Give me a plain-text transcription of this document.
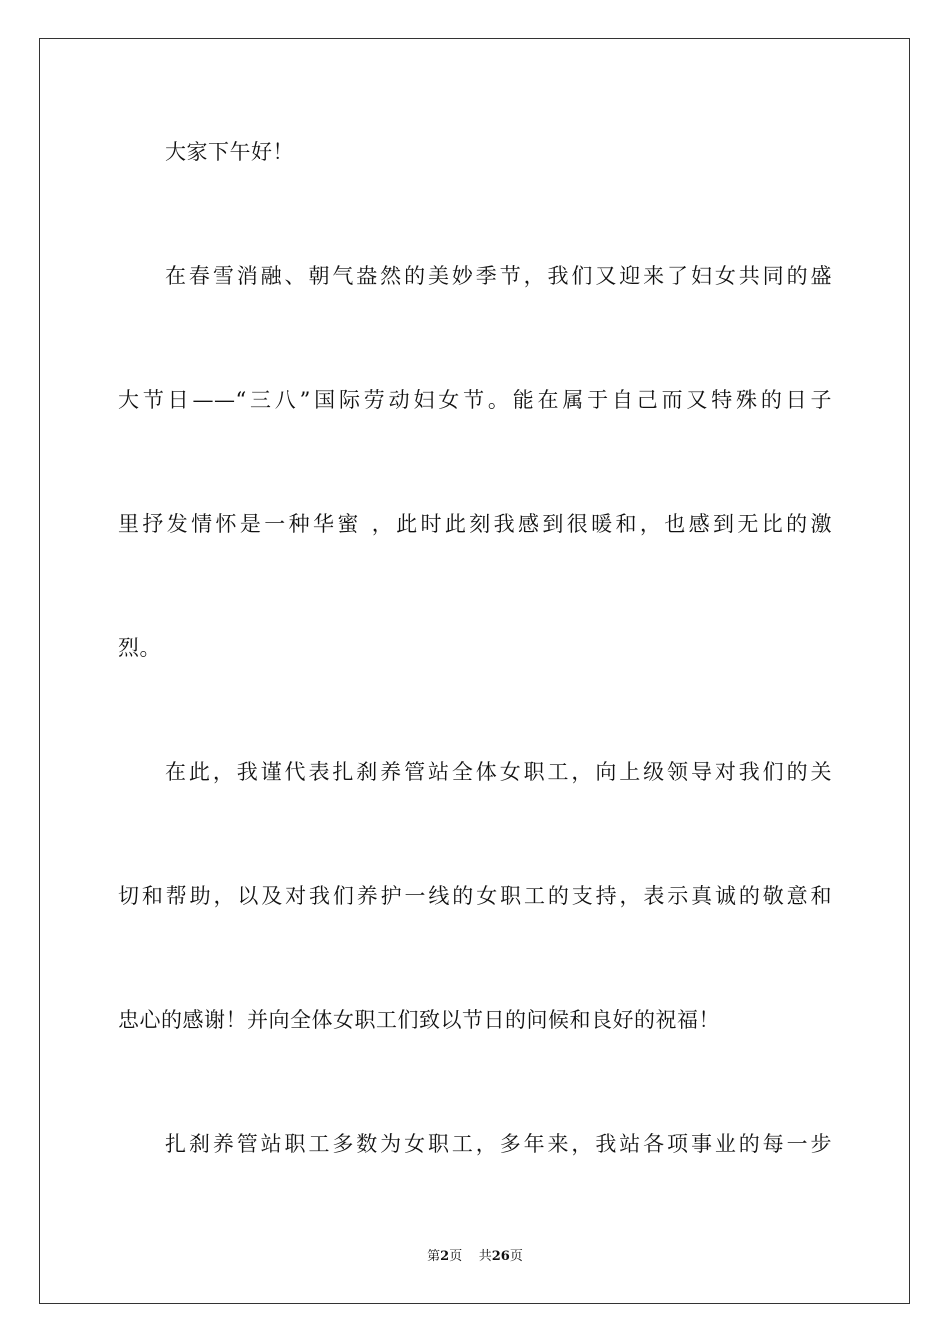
大家下午好！
在春雪消融、朝气盎然的美妙季节，我们又迎来了妇女共同的盛
大节日——“三八”国际劳动妇女节。能在属于自己而又特殊的日子
里抒发情怀是一种华蜜 ，此时此刻我感到很暖和，也感到无比的激
烈。
在此，我谨代表扎刹养管站全体女职工，向上级领导对我们的关
切和帮助，以及对我们养护一线的女职工的支持，表示真诚的敬意和
忠心的感谢！并向全体女职工们致以节日的问候和良好的祝福！
扎刹养管站职工多数为女职工，多年来，我站各项事业的每一步
第2页 共26页
